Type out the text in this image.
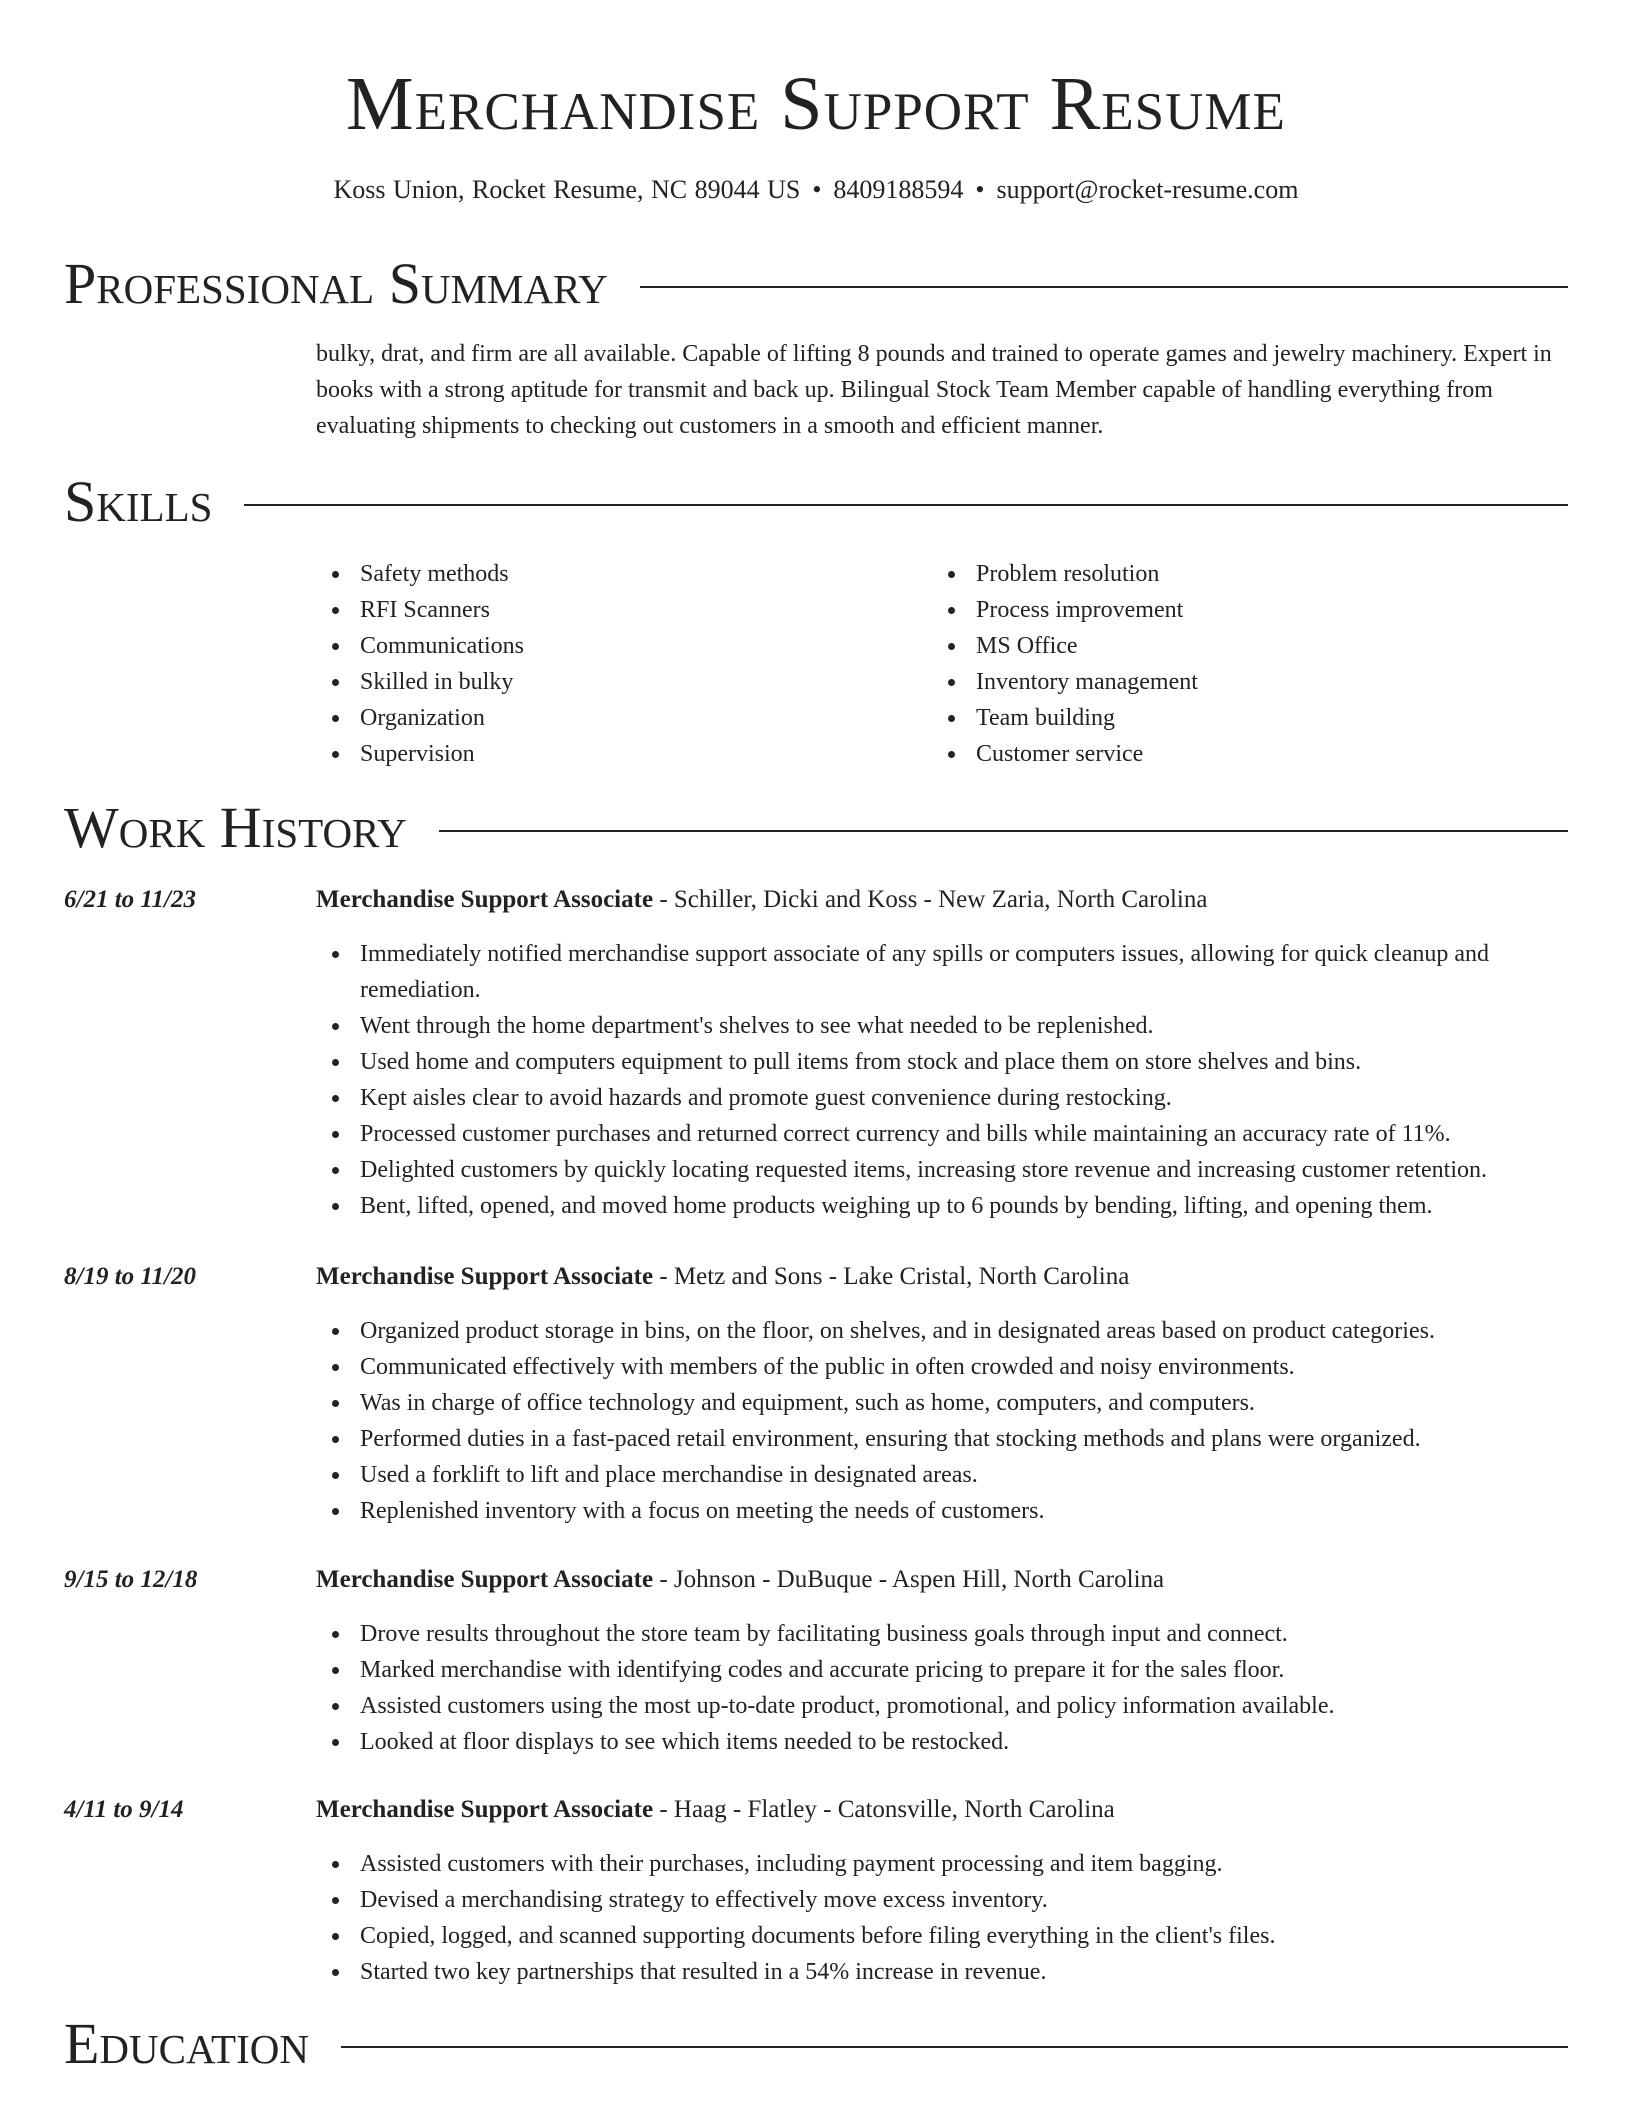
Merchandise Support Resume
Koss Union, Rocket Resume, NC 89044 US • 8409188594 • support@rocket-resume.com
Professional Summary

bulky, drat, and firm are all available. Capable of lifting 8 pounds and trained to operate games and jewelry machinery. Expert in books with a strong aptitude for transmit and back up. Bilingual Stock Team Member capable of handling everything from evaluating shipments to checking out customers in a smooth and efficient manner.

Skills
Safety methods
RFI Scanners
Communications
Skilled in bulky
Organization
Supervision
Problem resolution
Process improvement
MS Office
Inventory management
Team building
Customer service
Work History
6/21 to 11/23	Merchandise Support Associate - Schiller, Dicki and Koss - New Zaria, North Carolina
Immediately notified merchandise support associate of any spills or computers issues, allowing for quick cleanup and remediation.
Went through the home department's shelves to see what needed to be replenished.
Used home and computers equipment to pull items from stock and place them on store shelves and bins.
Kept aisles clear to avoid hazards and promote guest convenience during restocking.
Processed customer purchases and returned correct currency and bills while maintaining an accuracy rate of 11%.
Delighted customers by quickly locating requested items, increasing store revenue and increasing customer retention.
Bent, lifted, opened, and moved home products weighing up to 6 pounds by bending, lifting, and opening them.
8/19 to 11/20	Merchandise Support Associate - Metz and Sons - Lake Cristal, North Carolina
Organized product storage in bins, on the floor, on shelves, and in designated areas based on product categories.
Communicated effectively with members of the public in often crowded and noisy environments.
Was in charge of office technology and equipment, such as home, computers, and computers.
Performed duties in a fast-paced retail environment, ensuring that stocking methods and plans were organized.
Used a forklift to lift and place merchandise in designated areas.
Replenished inventory with a focus on meeting the needs of customers.
9/15 to 12/18	Merchandise Support Associate - Johnson - DuBuque - Aspen Hill, North Carolina
Drove results throughout the store team by facilitating business goals through input and connect.
Marked merchandise with identifying codes and accurate pricing to prepare it for the sales floor.
Assisted customers using the most up-to-date product, promotional, and policy information available.
Looked at floor displays to see which items needed to be restocked.
4/11 to 9/14	Merchandise Support Associate - Haag - Flatley - Catonsville, North Carolina
Assisted customers with their purchases, including payment processing and item bagging.
Devised a merchandising strategy to effectively move excess inventory.
Copied, logged, and scanned supporting documents before filing everything in the client's files.
Started two key partnerships that resulted in a 54% increase in revenue.
Education
